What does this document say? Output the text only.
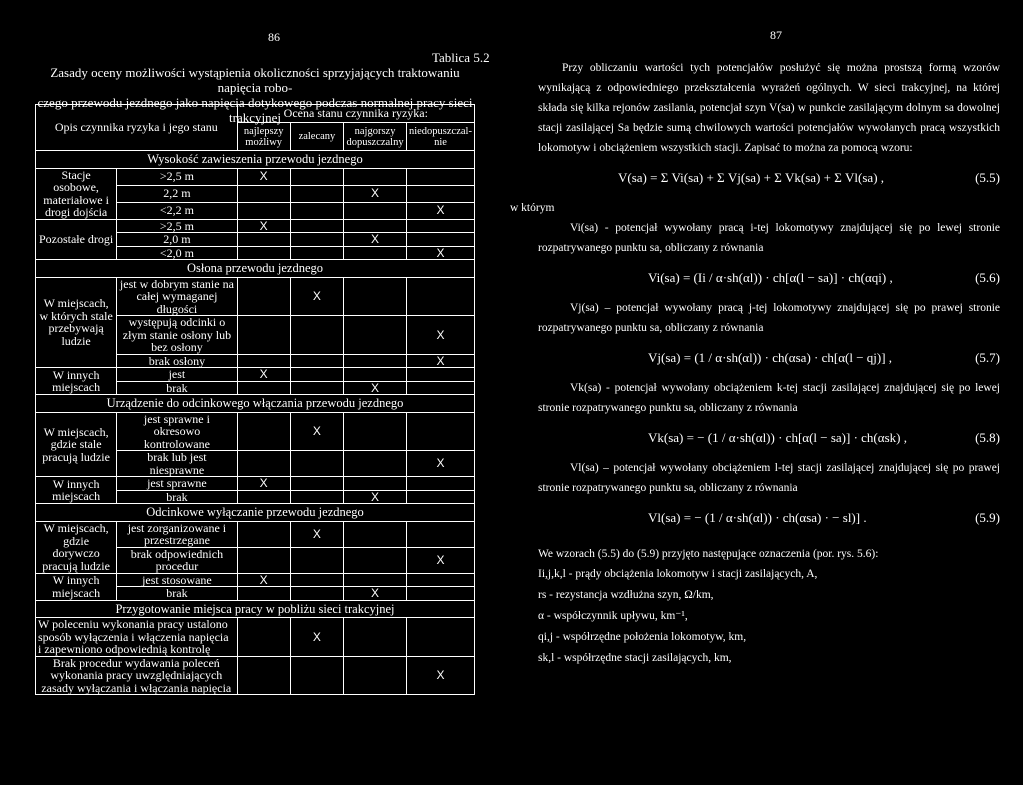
86
Tablica 5.2
Zasady oceny możliwości wystąpienia okoliczności sprzyjających traktowaniu napięcia robo-
czego przewodu jezdnego jako napięcia dotykowego podczas normalnej pracy sieci trakcyjnej
Opis czynnika ryzyka i jego stanu		Ocena stanu czynnika ryzyka:			
		najlepszy możliwy	zalecany	najgorszy dopuszczalny	niedopuszczal-nie
Wysokość zawieszenia przewodu jezdnego					
Stacje osobowe, materiałowe i drogi dojścia	>2,5 m	X			
	2,2 m			X	
	<2,2 m				X
Pozostałe drogi	>2,5 m	X			
	2,0 m			X	
	<2,0 m				X
Osłona przewodu jezdnego					
W miejscach, w których stale przebywają ludzie	jest w dobrym stanie na całej wymaganej długości		X		
	występują odcinki o złym stanie osłony lub bez osłony				X
	brak osłony				X
W innych miejscach	jest	X			
	brak			X	
Urządzenie do odcinkowego włączania przewodu jezdnego					
W miejscach, gdzie stale pracują ludzie	jest sprawne i okresowo kontrolowane		X		
	brak lub jest niesprawne				X
W innych miejscach	jest sprawne	X			
	brak			X	
Odcinkowe wyłączanie przewodu jezdnego					
W miejscach, gdzie dorywczo pracują ludzie	jest zorganizowane i przestrzegane		X		
	brak odpowiednich procedur				X
W innych miejscach	jest stosowane	X			
	brak			X	
Przygotowanie miejsca pracy w pobliżu sieci trakcyjnej					
W poleceniu wykonania pracy ustalono sposób wyłączenia i włączenia napięcia i zapewniono odpowiednią kontrolę			X		
Brak procedur wydawania poleceń wykonania pracy uwzględniających zasady wyłączania i włączania napięcia					X
87

Przy obliczaniu wartości tych potencjałów posłużyć się można prostszą formą wzorów wynikającą z odpowiedniego przekształcenia wyrażeń ogólnych. W sieci trakcyjnej, na której składa się kilka rejonów zasilania, potencjał szyn V(sa) w punkcie zasilającym dolnym sa dowolnej stacji zasilającej Sa będzie sumą chwilowych wartości potencjałów wywołanych pracą wszystkich lokomotyw i obciążeniem wszystkich stacji. Zapisać to można za pomocą wzoru:

V(sa) = Σ Vi(sa) + Σ Vj(sa) + Σ Vk(sa) + Σ Vl(sa) ,	(5.5)

w którym

Vi(sa) - potencjał wywołany pracą i-tej lokomotywy znajdującej się po lewej stronie rozpatrywanego punktu sa, obliczany z równania

Vi(sa) = (Ii / α·sh(αl)) · ch[α(l − sa)] · ch(αqi) ,	(5.6)

Vj(sa) – potencjał wywołany pracą j-tej lokomotywy znajdującej się po prawej stronie rozpatrywanego punktu sa, obliczany z równania

Vj(sa) = (1 / α·sh(αl)) · ch(αsa) · ch[α(l − qj)] ,	(5.7)

Vk(sa) - potencjał wywołany obciążeniem k-tej stacji zasilającej znajdującej się po lewej stronie rozpatrywanego punktu sa, obliczany z równania

Vk(sa) = − (1 / α·sh(αl)) · ch[α(l − sa)] · ch(αsk) ,	(5.8)

Vl(sa) – potencjał wywołany obciążeniem l-tej stacji zasilającej znajdującej się po prawej stronie rozpatrywanego punktu sa, obliczany z równania

Vl(sa) = − (1 / α·sh(αl)) · ch(αsa) · − sl)] .	(5.9)

We wzorach (5.5) do (5.9) przyjęto następujące oznaczenia (por. rys. 5.6):

Ii,j,k,l - prądy obciążenia lokomotyw i stacji zasilających, A,

rs - rezystancja wzdłużna szyn, Ω/km,

α - współczynnik upływu, km⁻¹,

qi,j - współrzędne położenia lokomotyw, km,

sk,l - współrzędne stacji zasilających, km,
